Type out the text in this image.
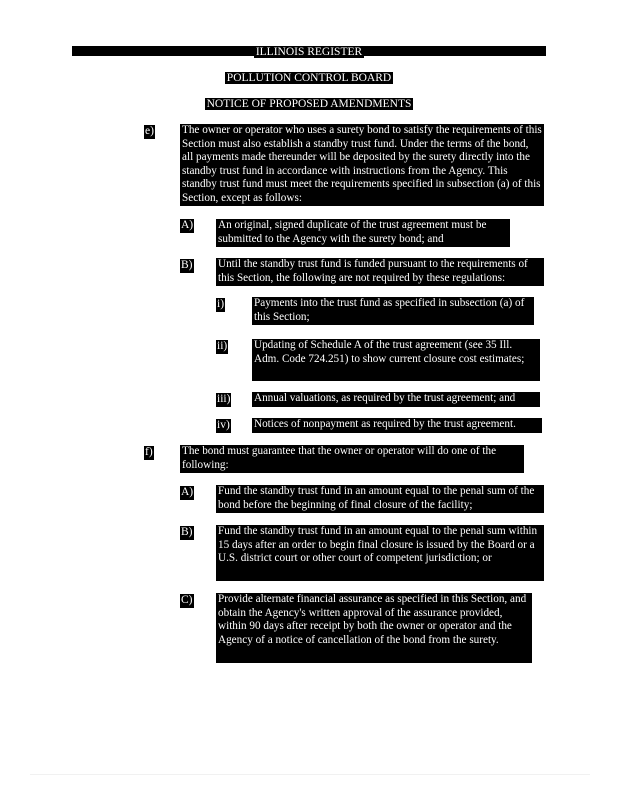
ILLINOIS REGISTER
POLLUTION CONTROL BOARD
NOTICE OF PROPOSED AMENDMENTS
e)	The owner or operator who uses a surety bond to satisfy the requirements of this Section must also establish a standby trust fund. Under the terms of the bond, all payments made thereunder will be deposited by the surety directly into the standby trust fund in accordance with instructions from the Agency. This standby trust fund must meet the requirements specified in subsection (a) of this Section, except as follows:
A) An original, signed duplicate of the trust agreement must be submitted to the Agency with the surety bond; and
B) Until the standby trust fund is funded pursuant to the requirements of this Section, the following are not required by these regulations:
i)	Payments into the trust fund as specified in subsection (a) of this Section;
ii) Updating of Schedule A of the trust agreement (see 35 Ill. Adm. Code 724.251) to show current closure cost estimates;
iii) Annual valuations, as required by the trust agreement; and
iv) Notices of nonpayment as required by the trust agreement.
f)	The bond must guarantee that the owner or operator will do one of the following:
A) Fund the standby trust fund in an amount equal to the penal sum of the bond before the beginning of final closure of the facility;
B) Fund the standby trust fund in an amount equal to the penal sum within 15 days after an order to begin final closure is issued by the Board or a U.S. district court or other court of competent jurisdiction; or
C) Provide alternate financial assurance as specified in this Section, and obtain the Agency's written approval of the assurance provided, within 90 days after receipt by both the owner or operator and the Agency of a notice of cancellation of the bond from the surety.
